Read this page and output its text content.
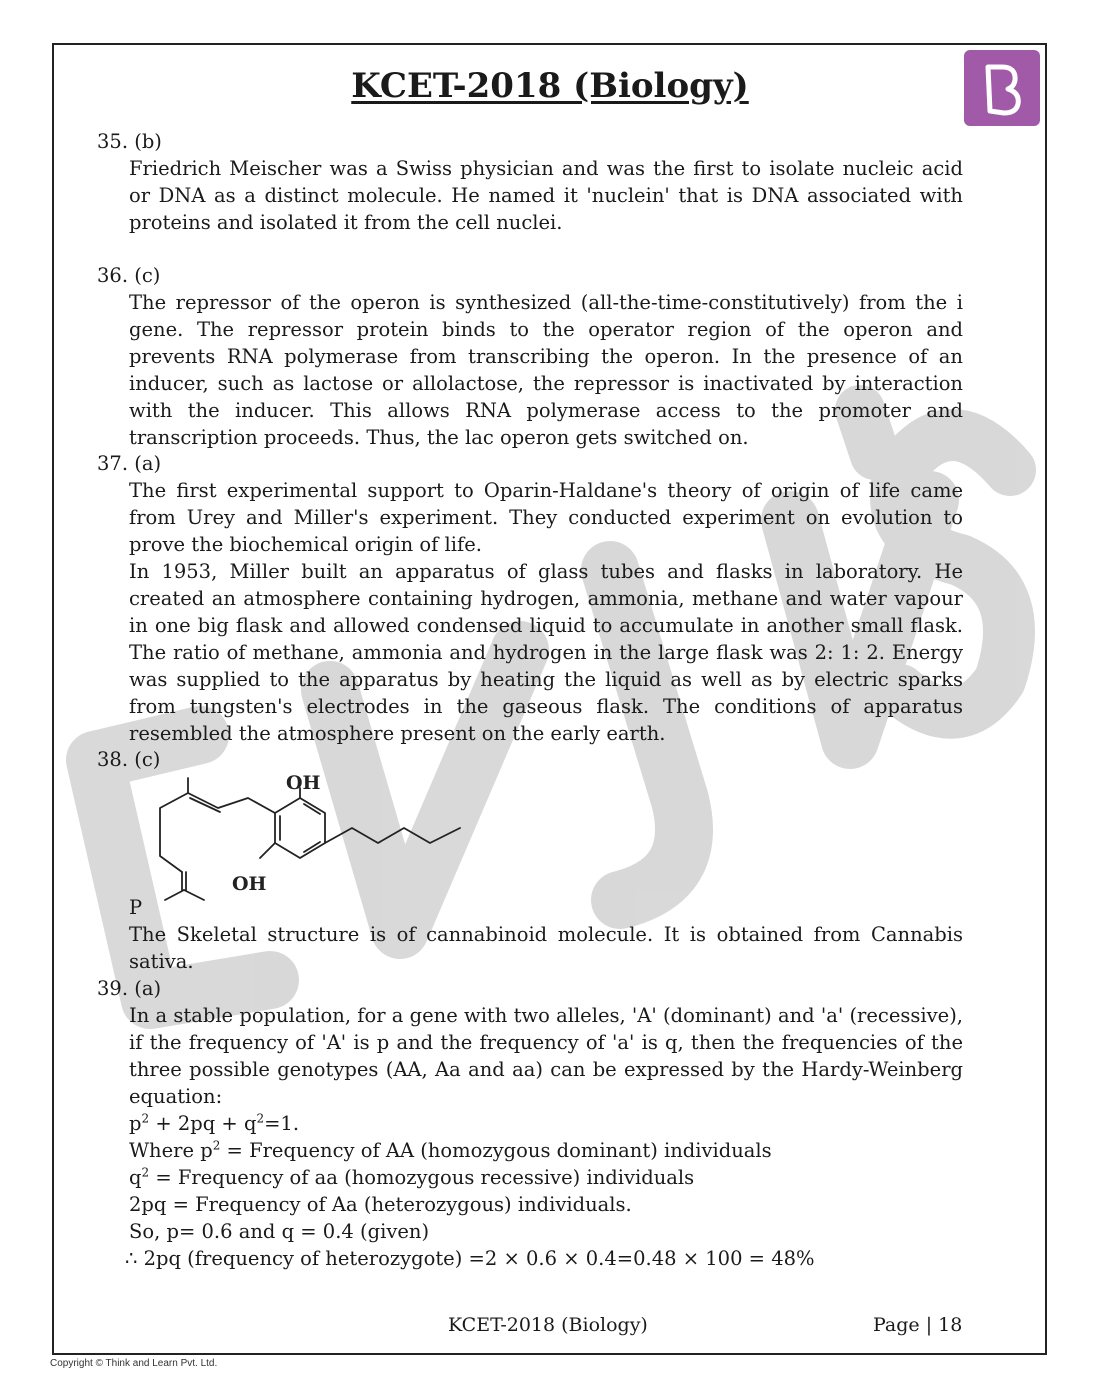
KCET-2018 (Biology)
35. (b)

Friedrich Meischer was a Swiss physician and was the first to isolate nucleic acid or DNA as a distinct molecule. He named it 'nuclein' that is DNA associated with proteins and isolated it from the cell nuclei.

36. (c)

The repressor of the operon is synthesized (all-the-time-constitutively) from the i gene. The repressor protein binds to the operator region of the operon and prevents RNA polymerase from transcribing the operon. In the presence of an inducer, such as lactose or allolactose, the repressor is inactivated by interaction with the inducer. This allows RNA polymerase access to the promoter and transcription proceeds. Thus, the lac operon gets switched on.

37. (a)

The first experimental support to Oparin-Haldane's theory of origin of life came from Urey and Miller's experiment. They conducted experiment on evolution to prove the biochemical origin of life.

In 1953, Miller built an apparatus of glass tubes and flasks in laboratory. He created an atmosphere containing hydrogen, ammonia, methane and water vapour in one big flask and allowed condensed liquid to accumulate in another small flask. The ratio of methane, ammonia and hydrogen in the large flask was 2: 1: 2. Energy was supplied to the apparatus by heating the liquid as well as by electric sparks from tungsten's electrodes in the gaseous flask. The conditions of apparatus resembled the atmosphere present on the early earth.

38. (c)
OH
OH

P

The Skeletal structure is of cannabinoid molecule. It is obtained from Cannabis sativa.

39. (a)

In a stable population, for a gene with two alleles, 'A' (dominant) and 'a' (recessive), if the frequency of 'A' is p and the frequency of 'a' is q, then the frequencies of the three possible genotypes (AA, Aa and aa) can be expressed by the Hardy-Weinberg equation:

$p^2 + 2pq + q^2=1$.
Where $p^2$ = Frequency of AA (homozygous dominant) individuals
$q^2$ = Frequency of aa (homozygous recessive) individuals
2pq = Frequency of Aa (heterozygous) individuals.
So, p= 0.6 and q = 0.4 (given)
∴ 2pq (frequency of heterozygote) =2 × 0.6 × 0.4=0.48 × 100 = 48%
KCET-2018 (Biology)	Page | 18
Copyright © Think and Learn Pvt. Ltd.
